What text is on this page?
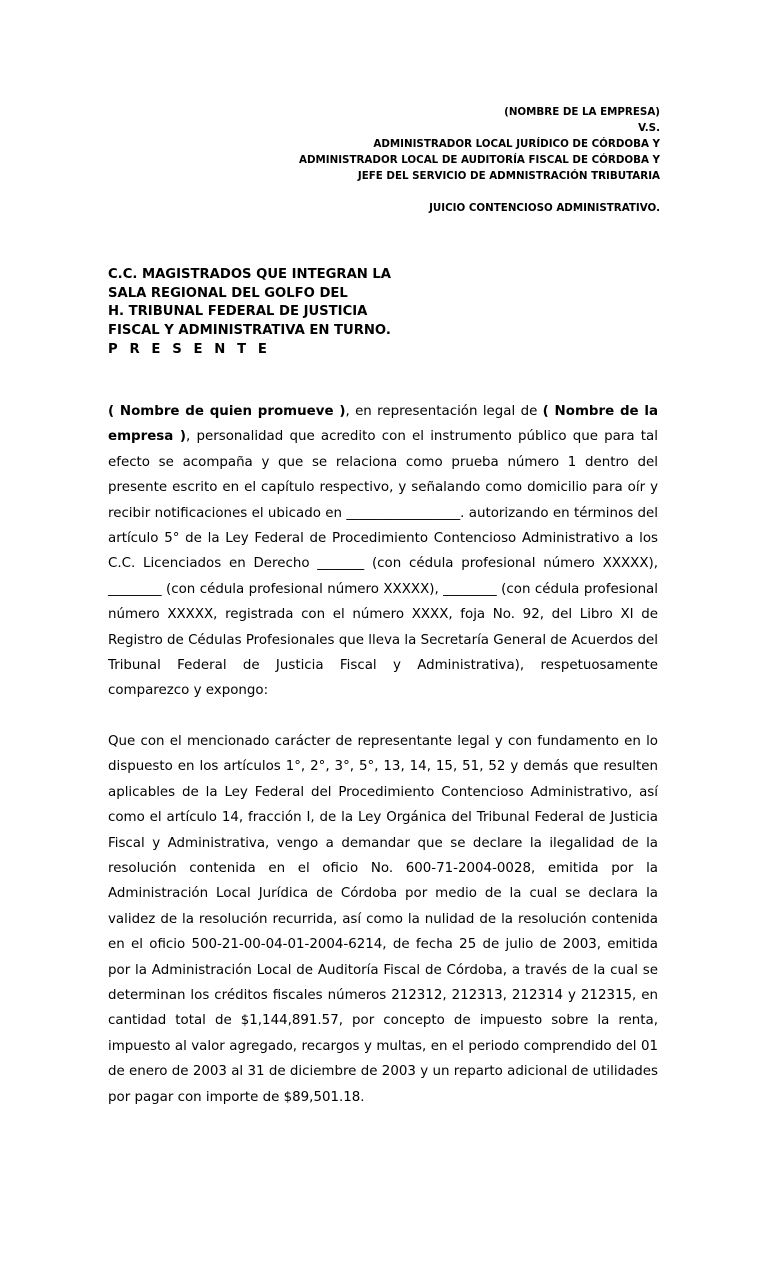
(NOMBRE DE LA EMPRESA)
V.S.
ADMINISTRADOR LOCAL JURÍDICO DE CÓRDOBA Y
ADMINISTRADOR LOCAL DE AUDITORÍA FISCAL DE CÓRDOBA Y
JEFE DEL SERVICIO DE ADMNISTRACIÓN TRIBUTARIA
JUICIO CONTENCIOSO ADMINISTRATIVO.
C.C. MAGISTRADOS QUE INTEGRAN LA
SALA REGIONAL DEL GOLFO DEL
H. TRIBUNAL FEDERAL DE JUSTICIA
FISCAL Y ADMINISTRATIVA EN TURNO.
P R E S E N T E
( Nombre de quien promueve ), en representación legal de ( Nombre de la empresa ), personalidad que acredito con el instrumento público que para tal efecto se acompaña y que se relaciona como prueba número 1 dentro del presente escrito en el capítulo respectivo, y señalando como domicilio para oír y recibir notificaciones el ubicado en _________________. autorizando en términos del artículo 5° de la Ley Federal de Procedimiento Contencioso Administrativo a los C.C. Licenciados en Derecho _______ (con cédula profesional número XXXXX), ________ (con cédula profesional número XXXXX), ________ (con cédula profesional número XXXXX, registrada con el número XXXX, foja No. 92, del Libro XI de Registro de Cédulas Profesionales que lleva la Secretaría General de Acuerdos del Tribunal Federal de Justicia Fiscal y Administrativa), respetuosamente comparezco y expongo:
Que con el mencionado carácter de representante legal y con fundamento en lo dispuesto en los artículos 1°, 2°, 3°, 5°, 13, 14, 15, 51, 52 y demás que resulten aplicables de la Ley Federal del Procedimiento Contencioso Administrativo, así como el artículo 14, fracción I, de la Ley Orgánica del Tribunal Federal de Justicia Fiscal y Administrativa, vengo a demandar que se declare la ilegalidad de la resolución contenida en el oficio No. 600-71-2004-0028, emitida por la Administración Local Jurídica de Córdoba por medio de la cual se declara la validez de la resolución recurrida, así como la nulidad de la resolución contenida en el oficio 500-21-00-04-01-2004-6214, de fecha 25 de julio de 2003, emitida por la Administración Local de Auditoría Fiscal de Córdoba, a través de la cual se determinan los créditos fiscales números 212312, 212313, 212314 y 212315, en cantidad total de $1,144,891.57, por concepto de impuesto sobre la renta, impuesto al valor agregado, recargos y multas, en el periodo comprendido del 01 de enero de 2003 al 31 de diciembre de 2003 y un reparto adicional de utilidades por pagar con importe de $89,501.18.
